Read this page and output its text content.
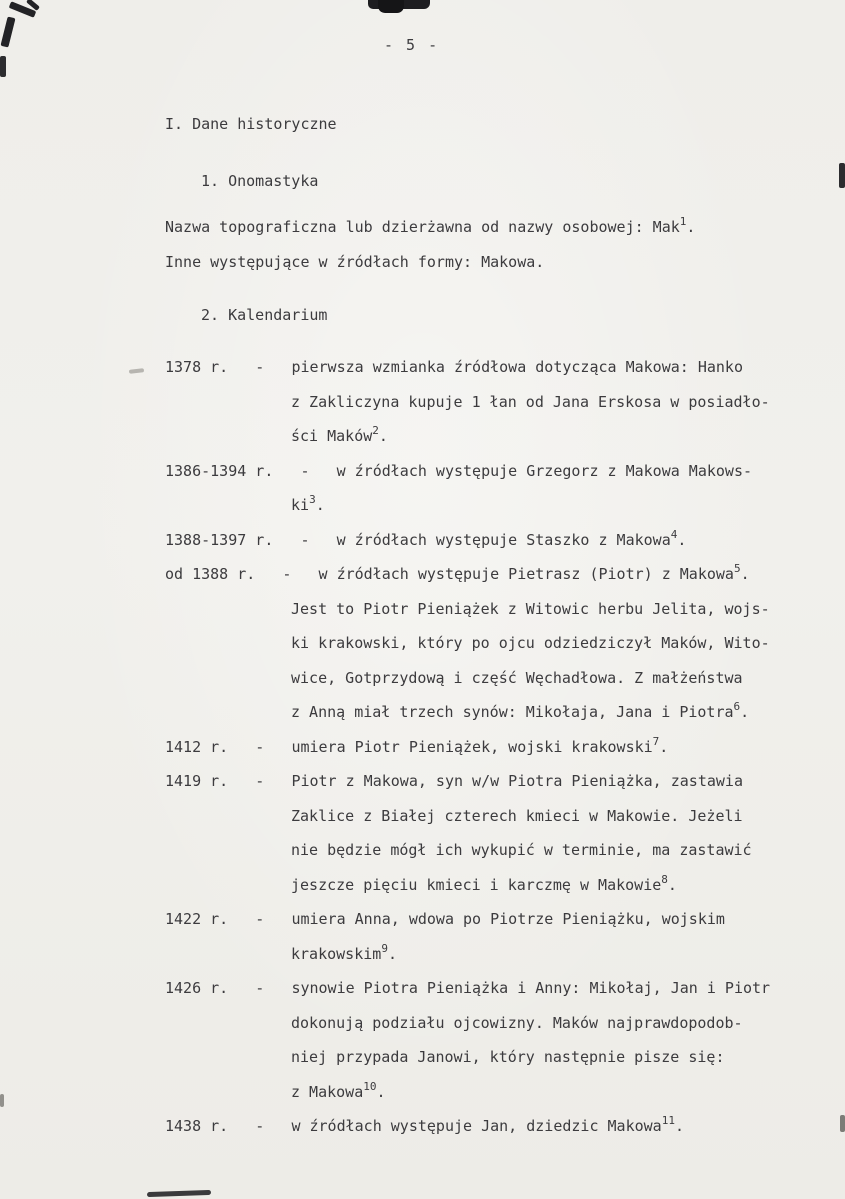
- 5 -
I. Dane historyczne
1. Onomastyka
Nazwa topograficzna lub dzierżawna od nazwy osobowej: Mak$^1$.
Inne występujące w źródłach formy: Makowa.
2. Kalendarium
1378 r.   -   pierwsza wzmianka źródłowa dotycząca Makowa: Hanko
z Zakliczyna kupuje 1 łan od Jana Erskosa w posiadło-
ści Maków$^2$.
1386-1394 r.   -   w źródłach występuje Grzegorz z Makowa Makows-
ki$^3$.
1388-1397 r.   -   w źródłach występuje Staszko z Makowa$^4$.
od 1388 r.   -   w źródłach występuje Pietrasz (Piotr) z Makowa$^5$.
Jest to Piotr Pieniążek z Witowic herbu Jelita, wojs-
ki krakowski, który po ojcu odziedziczył Maków, Wito-
wice, Gotprzydową i część Węchadłowa. Z małżeństwa
z Anną miał trzech synów: Mikołaja, Jana i Piotra$^6$.
1412 r.   -   umiera Piotr Pieniążek, wojski krakowski$^7$.
1419 r.   -   Piotr z Makowa, syn w/w Piotra Pieniążka, zastawia
Zaklice z Białej czterech kmieci w Makowie. Jeżeli
nie będzie mógł ich wykupić w terminie, ma zastawić
jeszcze pięciu kmieci i karczmę w Makowie$^8$.
1422 r.   -   umiera Anna, wdowa po Piotrze Pieniążku, wojskim
krakowskim$^9$.
1426 r.   -   synowie Piotra Pieniążka i Anny: Mikołaj, Jan i Piotr
dokonują podziału ojcowizny. Maków najprawdopodob-
niej przypada Janowi, który następnie pisze się:
z Makowa$^{10}$.
1438 r.   -   w źródłach występuje Jan, dziedzic Makowa$^{11}$.
